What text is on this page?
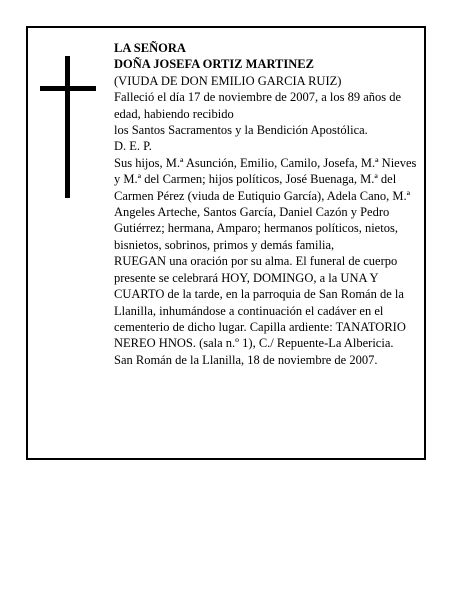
LA SEÑORA

DOÑA JOSEFA ORTIZ MARTINEZ

(VIUDA DE DON EMILIO GARCIA RUIZ)

Falleció el día 17 de noviembre de 2007, a los 89 años de edad, habiendo recibido

los Santos Sacramentos y la Bendición Apostólica.

D. E. P.

Sus hijos, M.ª Asunción, Emilio, Camilo, Josefa, M.ª Nieves y M.ª del Carmen; hijos políticos, José Buenaga, M.ª del Carmen Pérez (viuda de Eutiquio García), Adela Cano, M.ª Angeles Arteche, Santos García, Daniel Cazón y Pedro Gutiérrez; hermana, Amparo; hermanos políticos, nietos, bisnietos, sobrinos, primos y demás familia,

RUEGAN una oración por su alma. El funeral de cuerpo presente se celebrará HOY, DOMINGO, a la UNA Y CUARTO de la tarde, en la parroquia de San Román de la Llanilla, inhumándose a continuación el cadáver en el cementerio de dicho lugar. Capilla ardiente: TANATORIO NEREO HNOS. (sala n.º 1), C./ Repuente-La Albericia.

San Román de la Llanilla, 18 de noviembre de 2007.
